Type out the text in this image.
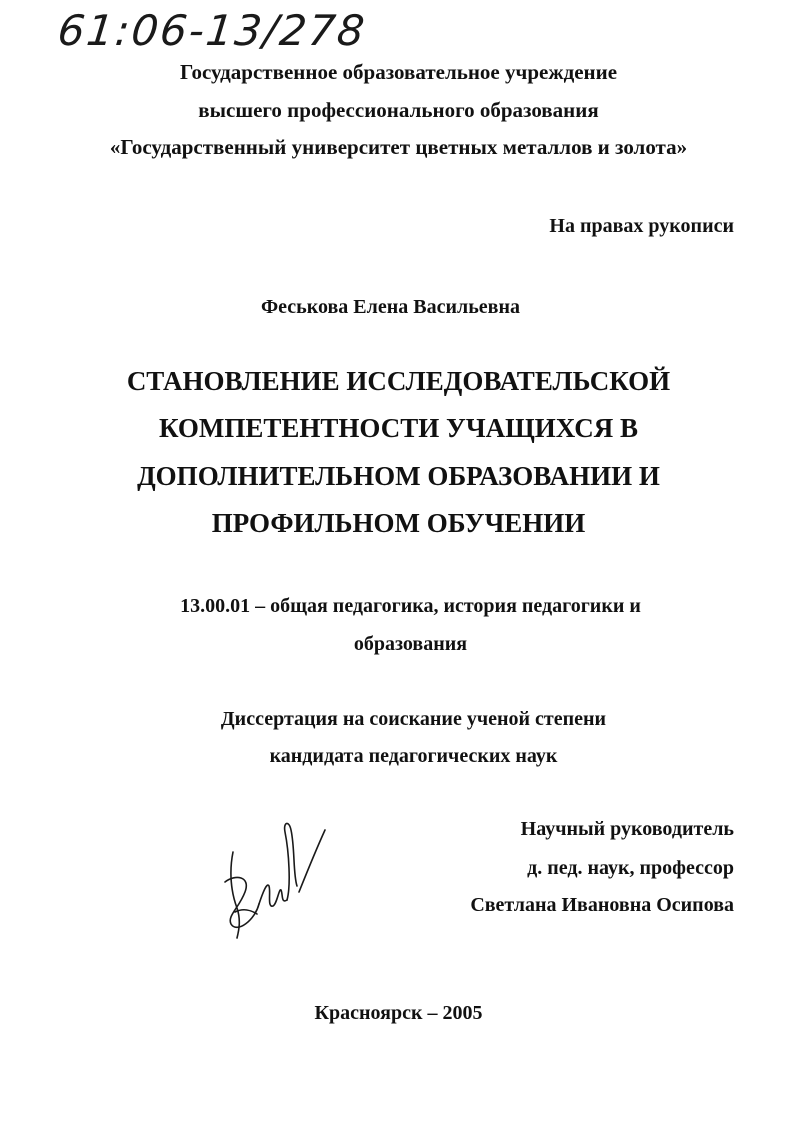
61:06-13/278
Государственное образовательное учреждение
высшего профессионального образования
«Государственный университет цветных металлов и золота»
На правах рукописи
Феськова Елена Васильевна
СТАНОВЛЕНИЕ ИССЛЕДОВАТЕЛЬСКОЙ
КОМПЕТЕНТНОСТИ УЧАЩИХСЯ В
ДОПОЛНИТЕЛЬНОМ ОБРАЗОВАНИИ И
ПРОФИЛЬНОМ ОБУЧЕНИИ
13.00.01 – общая педагогика, история педагогики и
образования
Диссертация на соискание ученой степени
кандидата педагогических наук
Научный руководитель
д. пед. наук, профессор
Светлана Ивановна Осипова
Красноярск – 2005
